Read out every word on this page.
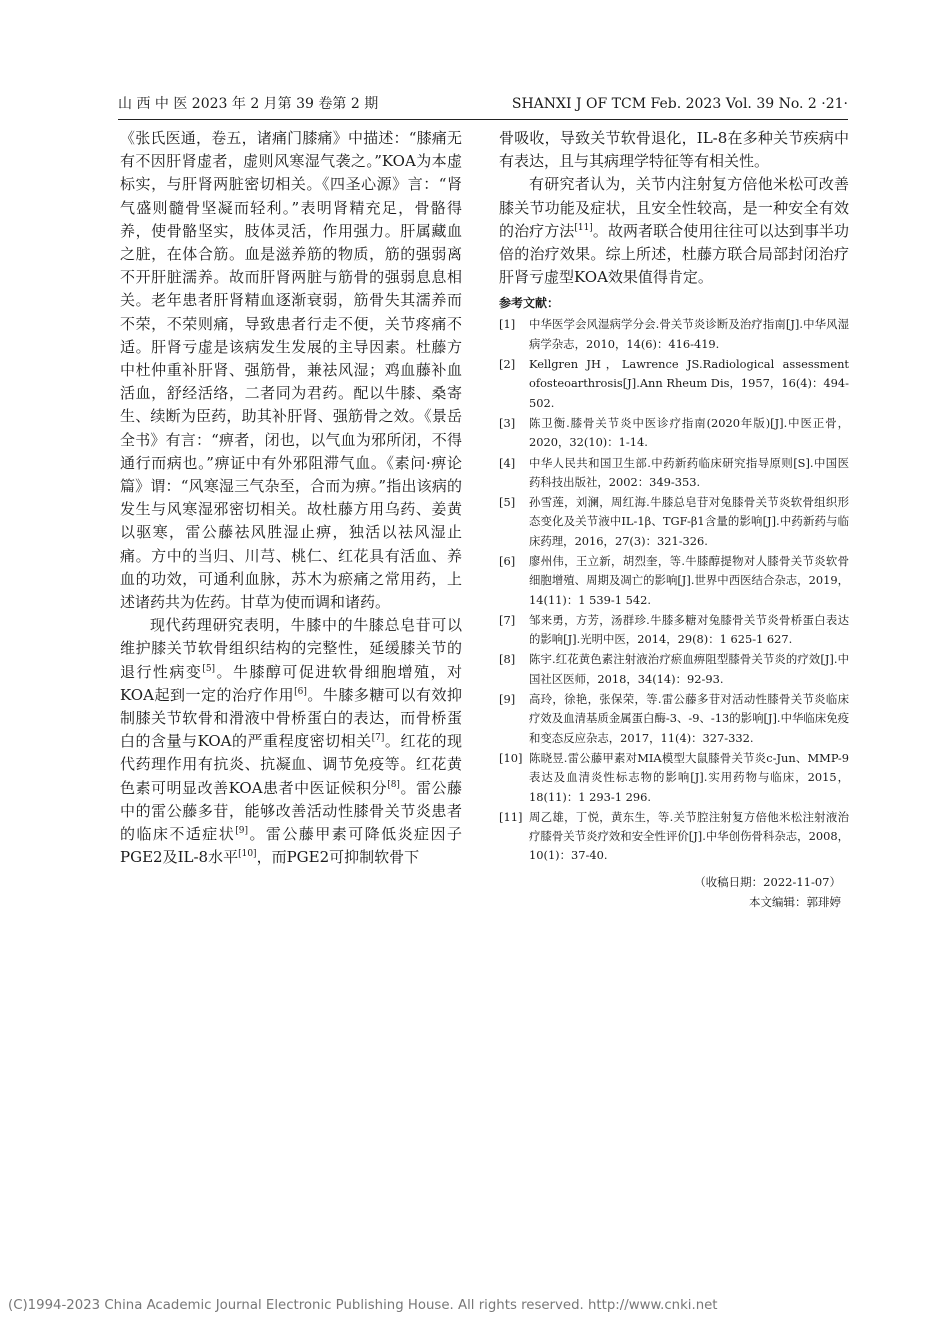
山 西 中 医 2023 年 2 月第 39 卷第 2 期	SHANXI J OF TCM Feb. 2023 Vol. 39 No. 2 ·21·

《张氏医通，卷五，诸痛门膝痛》中描述：“膝痛无有不因肝肾虚者，虚则风寒湿气袭之。”KOA为本虚标实，与肝肾两脏密切相关。《四圣心源》言：“肾气盛则髓骨坚凝而轻利。”表明肾精充足，骨骼得养，使骨骼坚实，肢体灵活，作用强力。肝属藏血之脏，在体合筋。血是滋养筋的物质，筋的强弱离不开肝脏濡养。故而肝肾两脏与筋骨的强弱息息相关。老年患者肝肾精血逐渐衰弱，筋骨失其濡养而不荣，不荣则痛，导致患者行走不便，关节疼痛不适。肝肾亏虚是该病发生发展的主导因素。杜藤方中杜仲重补肝肾、强筋骨，兼祛风湿；鸡血藤补血活血，舒经活络，二者同为君药。配以牛膝、桑寄生、续断为臣药，助其补肝肾、强筋骨之效。《景岳全书》有言：“痹者，闭也，以气血为邪所闭，不得通行而病也。”痹证中有外邪阻滞气血。《素问·痹论篇》谓：“风寒湿三气杂至，合而为痹。”指出该病的发生与风寒湿邪密切相关。故杜藤方用乌药、姜黄以驱寒，雷公藤祛风胜湿止痹，独活以祛风湿止痛。方中的当归、川芎、桃仁、红花具有活血、养血的功效，可通利血脉，苏木为瘀痛之常用药，上述诸药共为佐药。甘草为使而调和诸药。

现代药理研究表明，牛膝中的牛膝总皂苷可以维护膝关节软骨组织结构的完整性，延缓膝关节的退行性病变[5]。牛膝醇可促进软骨细胞增殖，对KOA起到一定的治疗作用[6]。牛膝多糖可以有效抑制膝关节软骨和滑液中骨桥蛋白的表达，而骨桥蛋白的含量与KOA的严重程度密切相关[7]。红花的现代药理作用有抗炎、抗凝血、调节免疫等。红花黄色素可明显改善KOA患者中医证候积分[8]。雷公藤中的雷公藤多苷，能够改善活动性膝骨关节炎患者的临床不适症状[9]。雷公藤甲素可降低炎症因子PGE2及IL-8水平[10]，而PGE2可抑制软骨下

骨吸收，导致关节软骨退化，IL-8在多种关节疾病中有表达，且与其病理学特征等有相关性。

有研究者认为，关节内注射复方倍他米松可改善膝关节功能及症状，且安全性较高，是一种安全有效的治疗方法[11]。故两者联合使用往往可以达到事半功倍的治疗效果。综上所述，杜藤方联合局部封闭治疗肝肾亏虚型KOA效果值得肯定。

参考文献：
[1]	中华医学会风湿病学分会.骨关节炎诊断及治疗指南[J].中华风湿病学杂志，2010，14(6)：416-419.
[2]	Kellgren JH，Lawrence JS.Radiological assessment ofosteoarthrosis[J].Ann Rheum Dis，1957，16(4)：494-502.
[3]	陈卫衡.膝骨关节炎中医诊疗指南(2020年版)[J].中医正骨，2020，32(10)：1-14.
[4]	中华人民共和国卫生部.中药新药临床研究指导原则[S].中国医药科技出版社，2002：349-353.
[5]	孙雪莲，刘澜，周红海.牛膝总皂苷对兔膝骨关节炎软骨组织形态变化及关节液中IL-1β、TGF-β1含量的影响[J].中药新药与临床药理，2016，27(3)：321-326.
[6]	廖州伟，王立新，胡烈奎，等.牛膝醇提物对人膝骨关节炎软骨细胞增殖、周期及凋亡的影响[J].世界中西医结合杂志，2019，14(11)：1 539-1 542.
[7]	邹来勇，方芳，汤群珍.牛膝多糖对兔膝骨关节炎骨桥蛋白表达的影响[J].光明中医，2014，29(8)：1 625-1 627.
[8]	陈宇.红花黄色素注射液治疗瘀血痹阻型膝骨关节炎的疗效[J].中国社区医师，2018，34(14)：92-93.
[9]	高玲，徐艳，张保荣，等.雷公藤多苷对活动性膝骨关节炎临床疗效及血清基质金属蛋白酶-3、-9、-13的影响[J].中华临床免疫和变态反应杂志，2017，11(4)：327-332.
[10] 陈晓昱.雷公藤甲素对MIA模型大鼠膝骨关节炎c-Jun、MMP-9表达及血清炎性标志物的影响[J].实用药物与临床，2015，18(11)：1 293-1 296.
[11] 周乙雄，丁悦，黄东生，等.关节腔注射复方倍他米松注射液治疗膝骨关节炎疗效和安全性评价[J].中华创伤骨科杂志，2008，10(1)：37-40.
（收稿日期：2022-11-07）
本文编辑：郭琲婷
(C)1994-2023 China Academic Journal Electronic Publishing House. All rights reserved. http://www.cnki.net
